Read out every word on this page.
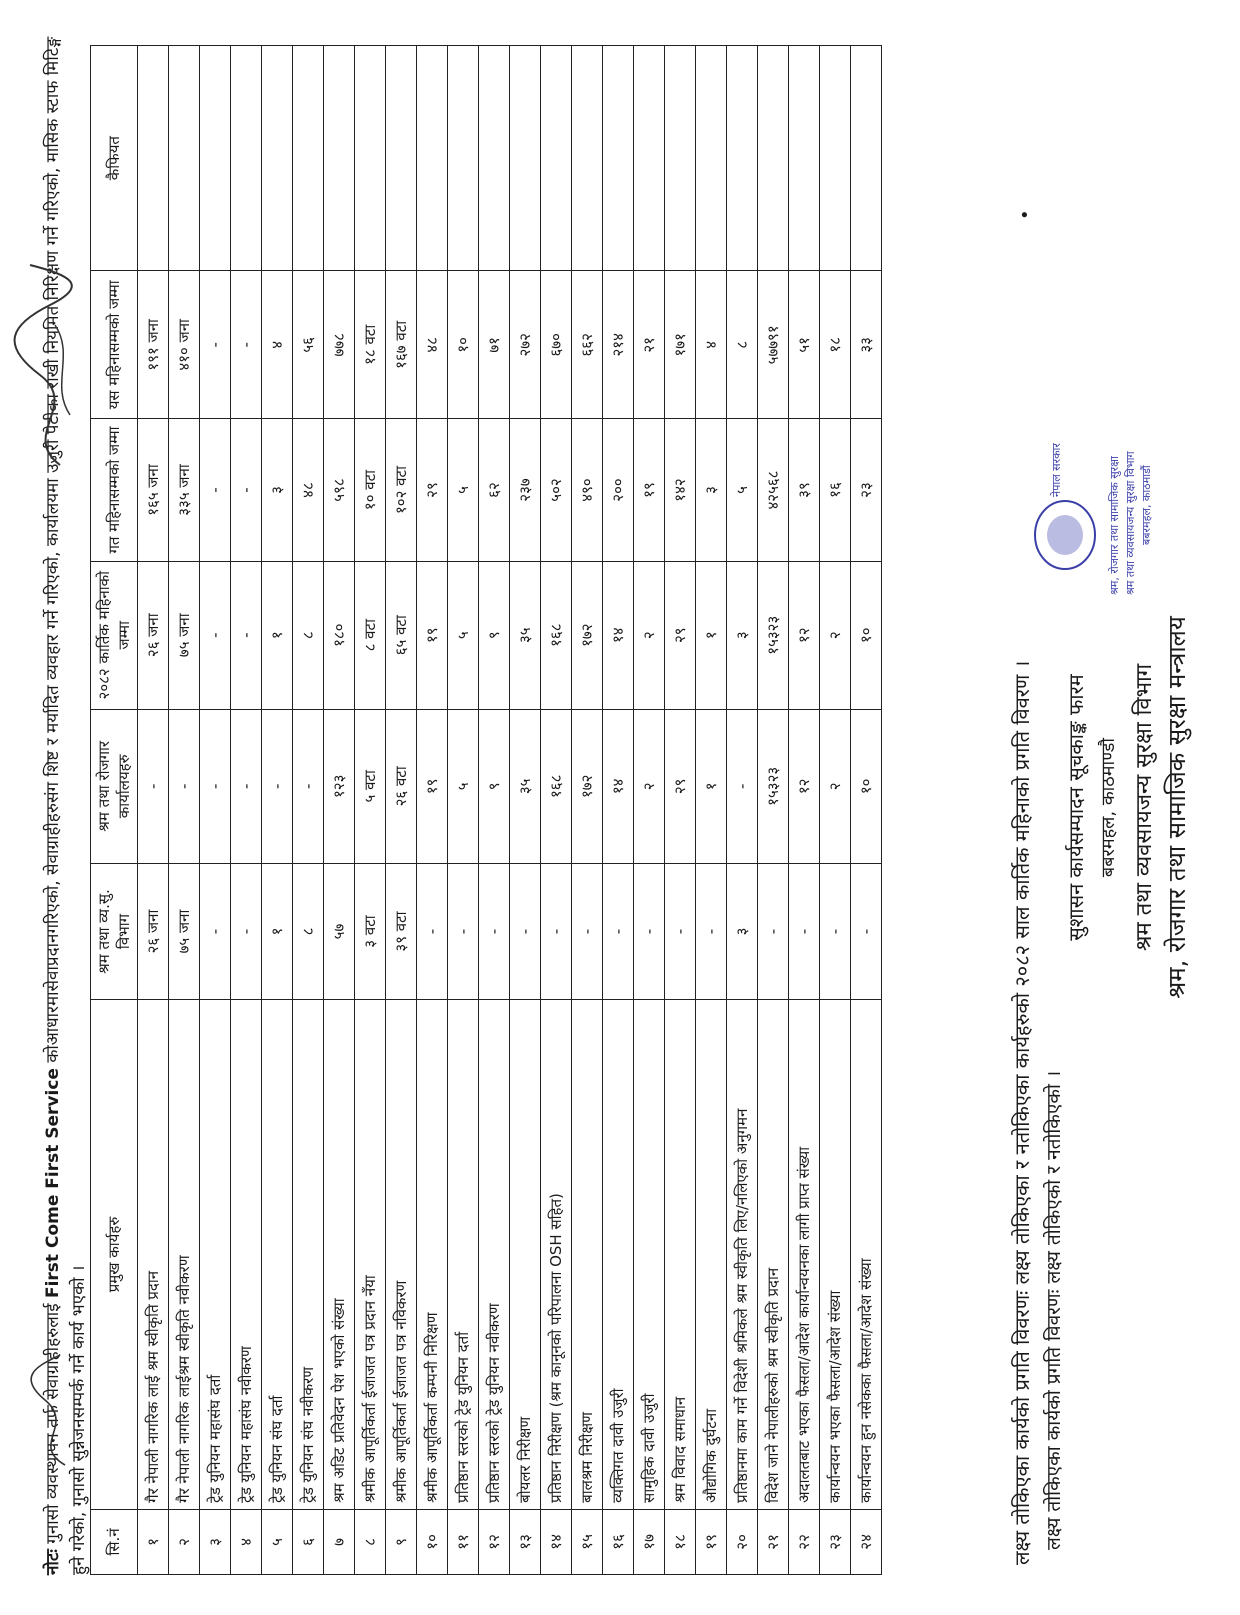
श्रम, रोजगार तथा सामाजिक सुरक्षा मन्त्रालय
श्रम तथा व्यवसायजन्य सुरक्षा विभाग
बबरमहल, काठमाण्डौ
सुशासन कार्यसम्पादन सूचकाङ्क फारम
•
श्रम, रोजगार तथा सामाजिक सुरक्षा
नेपाल सरकार	श्रम तथा व्यवसायजन्य सुरक्षा विभाग बबरमहल, काठमाडौं
लक्ष्य तोकिएका कार्यको प्रगति विवरणः लक्ष्य तोकिएको र नतोकिएको ।
लक्ष्य तोकिएका कार्यको प्रगति विवरणः लक्ष्य तोकिएका र नतोकिएका कार्यहरुको २०८२ साल कार्तिक महिनाको प्रगति विवरण ।
सि.नं	प्रमुख कार्यहरु	श्रम तथा व्य.सु. विभाग	श्रम तथा रोजगार कार्यालयहरु	२०८२ कार्तिक महिनाको जम्मा	गत महिनासम्मको जम्मा	यस महिनासम्मको जम्मा	कैफियत
१	गैर नेपाली नागरिक लाई श्रम स्वीकृति प्रदान	२६ जना	-	२६ जना	१६५ जना	१९१ जना	
२	गैर नेपाली नागरिक लाईश्रम स्वीकृति नवीकरण	७५ जना	-	७५ जना	३३५ जना	४१० जना	
३	ट्रेड युनियन महासंघ दर्ता	-	-	-	-	-	
४	ट्रेड युनियन महासंघ नवीकरण	-	-	-	-	-	
५	ट्रेड युनियन संघ दर्ता	१	-	१	३	४	
६	ट्रेड युनियन संघ नवीकरण	८	-	८	४८	५६	
७	श्रम अडिट प्रतिवेदन पेश भएको संख्या	५७	१२३	१८०	५९८	७७८	
८	श्रमीक आपूर्तिकर्ता ईजाजत पत्र प्रदान नँया	३ वटा	५ वटा	८ वटा	१० वटा	१८ वटा	
९	श्रमीक आपूर्तिकर्ता ईजाजत पत्र नविकरण	३९ वटा	२६ वटा	६५ वटा	१०२ वटा	१६७ वटा	
१०	श्रमीक आपूर्तिकर्ता कम्पनी निरिक्षण	-	१९	१९	२९	४८	
११	प्रतिष्ठान स्तरको ट्रेड युनियन दर्ता	-	५	५	५	१०	
१२	प्रतिष्ठान स्तरको ट्रेड युनियन नवीकरण	-	९	९	६२	७१	
१३	बोयलर निरीक्षण	-	३५	३५	२३७	२७२	
१४	प्रतिष्ठान निरीक्षण (श्रम कानूनको परिपालना OSH सहित)	-	१६८	१६८	५०२	६७०	
१५	बालश्रम निरीक्षण	-	१७२	१७२	४९०	६६२	
१६	व्यक्तिगत दावी उजुरी	-	१४	१४	२००	२१४	
१७	सामुहिक दावी उजुरी	-	२	२	१९	२१	
१८	श्रम विवाद समाधान	-	२९	२९	१४२	१७१	
१९	औद्योगिक दुर्घटना	-	१	१	३	४	
२०	प्रतिष्ठानमा काम गर्ने विदेशी श्रमिकले श्रम स्वीकृति लिए/नलिएको अनुगमन	३	-	३	५	८	
२१	विदेश जाने नेपालीहरुको श्रम स्वीकृति प्रदान	-	१५३२३	१५३२३	४२५६८	५७७९१	
२२	अदालतबाट भएका फैसला/आदेश कार्यान्वयनका लागी प्राप्त संख्या	-	१२	१२	३९	५१	
२३	कार्यान्वयन भएका फैसला/आदेश संख्या	-	२	२	१६	१८	
२४	कार्यान्वयन हुन नसेकका फैसला/आदेश संख्या	-	१०	१०	२३	३३	
नोटः गुनासो व्यवस्थापन तर्फ सेवाग्राहीहरुलाई First Come First Service कोआधारमासेवाप्रदानगरिएको, सेवाग्राहीहरुसंग शिष्ट र मर्यादित व्यवहार गर्ने गरिएको, कार्यालयमा उजुरी पेटीका राखी नियमित निरिक्षण गर्ने गरिएको, मासिक स्टाफ मिटिङ्ग हुने गरेको, गुनासो सुन्नेजनसम्पर्क गर्ने कार्य भएको ।
